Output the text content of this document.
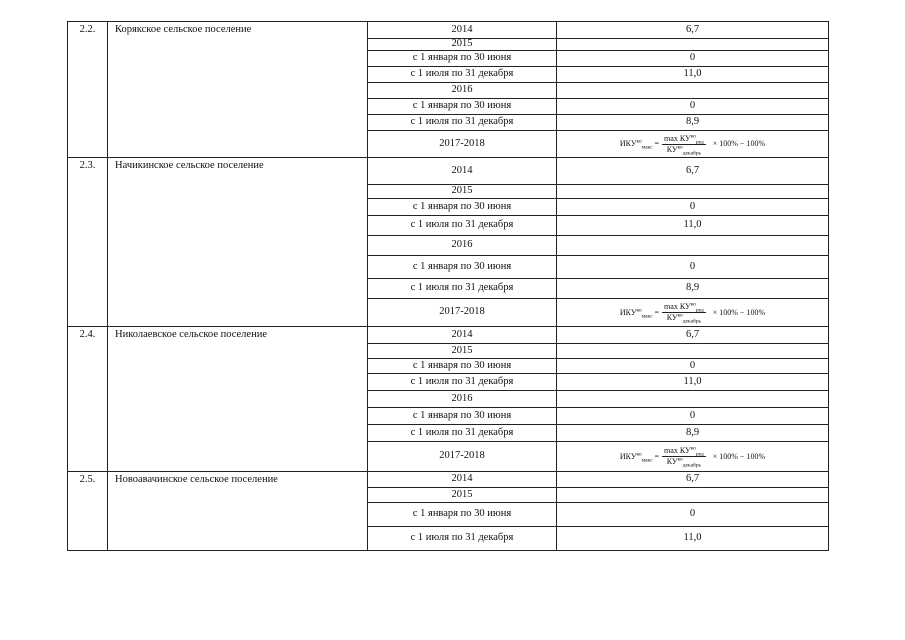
2.2.	Корякское сельское поселение	2014	6,7
		2015	
		с 1 января по 30 июня	0
		с 1 июля по 31 декабря	11,0
		2016	
		с 1 января по 30 июня	0
		с 1 июля по 31 декабря	8,9
		2017-2018	$ИКУ^{ко}_{макс} = \frac{\max КУ^{ко}_{ред}}{КУ^{ко}_{декабрь}} \times 100\% - 100\%$

2.3.	Начикинское сельское поселение	2014	6,7
		2015	
		с 1 января по 30 июня	0
		с 1 июля по 31 декабря	11,0
		2016	
		с 1 января по 30 июня	0
		с 1 июля по 31 декабря	8,9
		2017-2018	$ИКУ^{ко}_{макс} = \frac{\max КУ^{ко}_{ред}}{КУ^{ко}_{декабрь}} \times 100\% - 100\%$

2.4.	Николаевское сельское поселение	2014	6,7
		2015	
		с 1 января по 30 июня	0
		с 1 июля по 31 декабря	11,0
		2016	
		с 1 января по 30 июня	0
		с 1 июля по 31 декабря	8,9
		2017-2018	$ИКУ^{ко}_{макс} = \frac{\max КУ^{ко}_{ред}}{КУ^{ко}_{декабрь}} \times 100\% - 100\%$

2.5.	Новоавачинское сельское поселение	2014	6,7
		2015	
		с 1 января по 30 июня	0
		с 1 июля по 31 декабря	11,0
